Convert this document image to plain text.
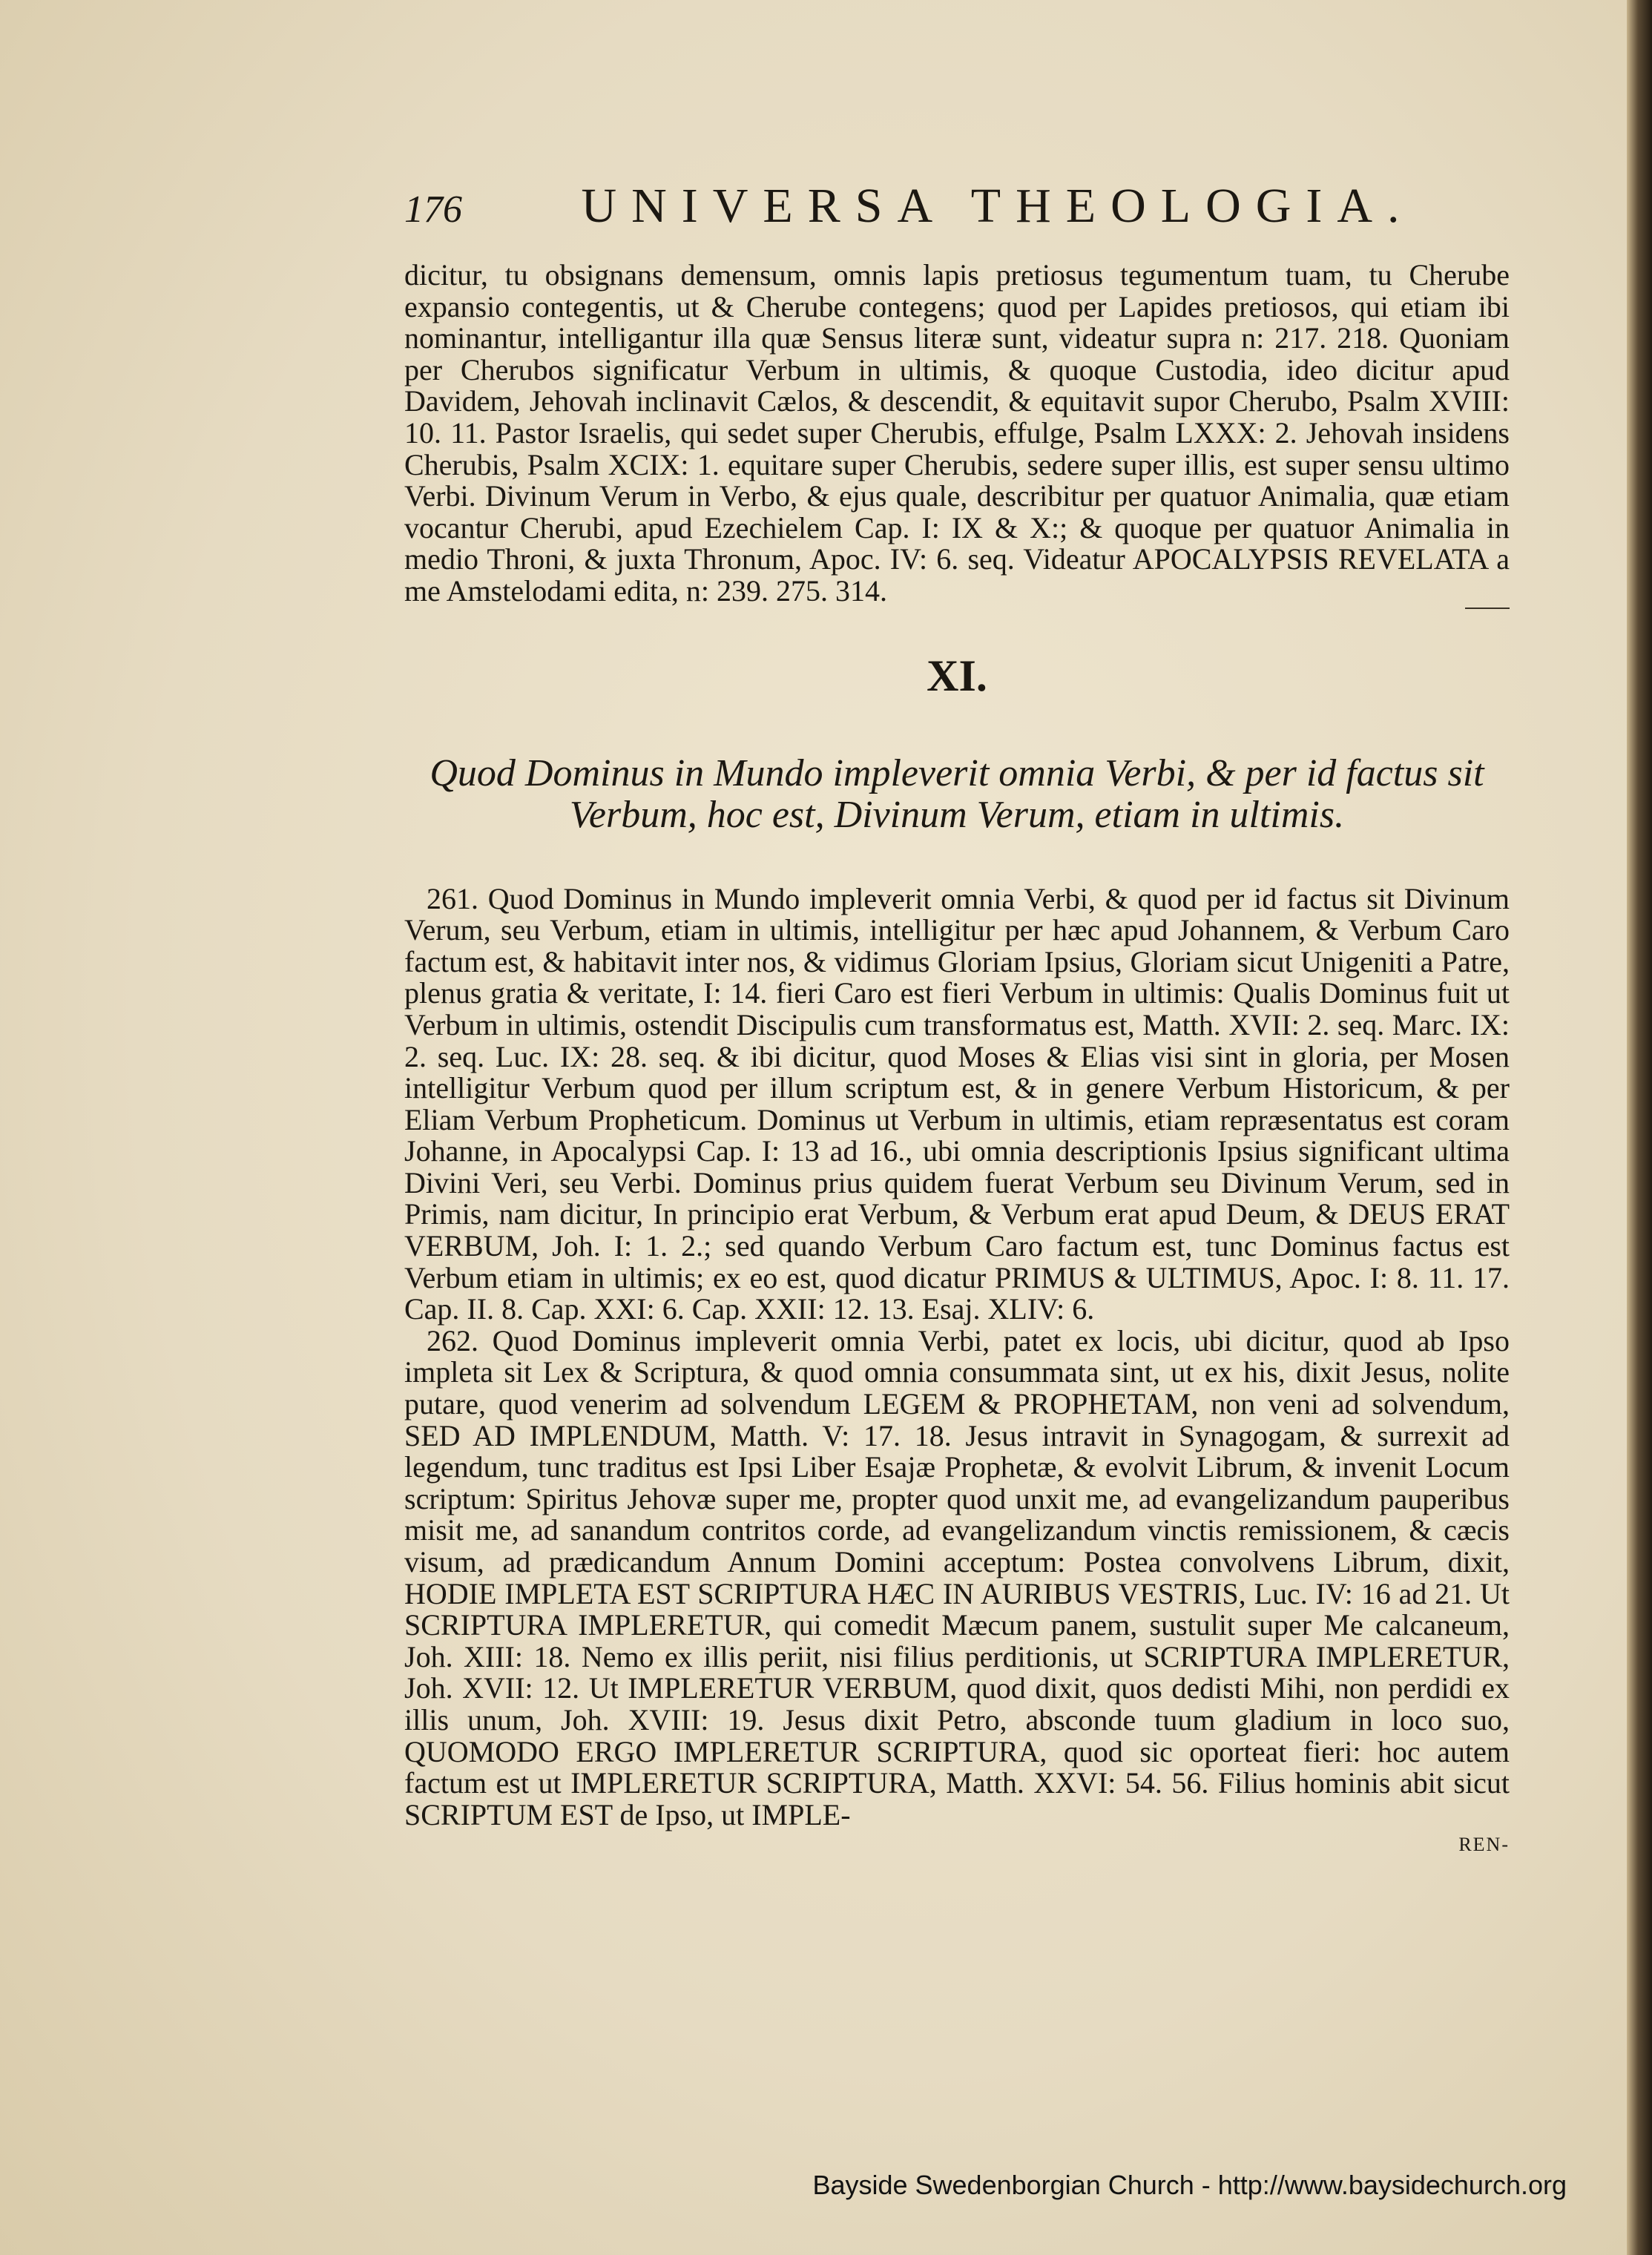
176	UNIVERSA THEOLOGIA.

dicitur, tu obsignans demensum, omnis lapis pretiosus tegumentum tuam, tu Cherube expansio contegentis, ut & Cherube contegens; quod per Lapides pretiosos, qui etiam ibi nominantur, intelligantur illa quæ Sensus literæ sunt, videatur supra n: 217. 218. Quoniam per Cherubos significatur Verbum in ultimis, & quoque Custodia, ideo dicitur apud Davidem, Jehovah inclinavit Cælos, & descendit, & equitavit supor Cherubo, Psalm XVIII: 10. 11. Pastor Israelis, qui sedet super Cherubis, effulge, Psalm LXXX: 2. Jehovah insidens Cherubis, Psalm XCIX: 1. equitare super Cherubis, sedere super illis, est super sensu ultimo Verbi. Divinum Verum in Verbo, & ejus quale, describitur per quatuor Animalia, quæ etiam vocantur Cherubi, apud Ezechielem Cap. I: IX & X:; & quoque per quatuor Animalia in medio Throni, & juxta Thronum, Apoc. IV: 6. seq. Videatur APOCALYPSIS REVELATA a me Amstelodami edita, n: 239. 275. 314.

XI.

Quod Dominus in Mundo impleverit omnia Verbi, & per id factus sit Verbum, hoc est, Divinum Verum, etiam in ultimis.

261. Quod Dominus in Mundo impleverit omnia Verbi, & quod per id factus sit Divinum Verum, seu Verbum, etiam in ultimis, intelligitur per hæc apud Johannem, & Verbum Caro factum est, & habitavit inter nos, & vidimus Gloriam Ipsius, Gloriam sicut Unigeniti a Patre, plenus gratia & veritate, I: 14. fieri Caro est fieri Verbum in ultimis: Qualis Dominus fuit ut Verbum in ultimis, ostendit Discipulis cum transformatus est, Matth. XVII: 2. seq. Marc. IX: 2. seq. Luc. IX: 28. seq. & ibi dicitur, quod Moses & Elias visi sint in gloria, per Mosen intelligitur Verbum quod per illum scriptum est, & in genere Verbum Historicum, & per Eliam Verbum Propheticum. Dominus ut Verbum in ultimis, etiam repræsentatus est coram Johanne, in Apocalypsi Cap. I: 13 ad 16., ubi omnia descriptionis Ipsius significant ultima Divini Veri, seu Verbi. Dominus prius quidem fuerat Verbum seu Divinum Verum, sed in Primis, nam dicitur, In principio erat Verbum, & Verbum erat apud Deum, & DEUS ERAT VERBUM, Joh. I: 1. 2.; sed quando Verbum Caro factum est, tunc Dominus factus est Verbum etiam in ultimis; ex eo est, quod dicatur PRIMUS & ULTIMUS, Apoc. I: 8. 11. 17. Cap. II. 8. Cap. XXI: 6. Cap. XXII: 12. 13. Esaj. XLIV: 6.

262. Quod Dominus impleverit omnia Verbi, patet ex locis, ubi dicitur, quod ab Ipso impleta sit Lex & Scriptura, & quod omnia consummata sint, ut ex his, dixit Jesus, nolite putare, quod venerim ad solvendum LEGEM & PROPHETAM, non veni ad solvendum, SED AD IMPLENDUM, Matth. V: 17. 18. Jesus intravit in Synagogam, & surrexit ad legendum, tunc traditus est Ipsi Liber Esajæ Prophetæ, & evolvit Librum, & invenit Locum scriptum: Spiritus Jehovæ super me, propter quod unxit me, ad evangelizandum pauperibus misit me, ad sanandum contritos corde, ad evangelizandum vinctis remissionem, & cæcis visum, ad prædicandum Annum Domini acceptum: Postea convolvens Librum, dixit, HODIE IMPLETA EST SCRIPTURA HÆC IN AURIBUS VESTRIS, Luc. IV: 16 ad 21. Ut SCRIPTURA IMPLERETUR, qui comedit Mæcum panem, sustulit super Me calcaneum, Joh. XIII: 18. Nemo ex illis periit, nisi filius perditionis, ut SCRIPTURA IMPLERETUR, Joh. XVII: 12. Ut IMPLERETUR VERBUM, quod dixit, quos dedisti Mihi, non perdidi ex illis unum, Joh. XVIII: 19. Jesus dixit Petro, absconde tuum gladium in loco suo, QUOMODO ERGO IMPLERETUR SCRIPTURA, quod sic oporteat fieri: hoc autem factum est ut IMPLERETUR SCRIPTURA, Matth. XXVI: 54. 56. Filius hominis abit sicut SCRIPTUM EST de Ipso, ut IMPLE-

REN-
Bayside Swedenborgian Church - http://www.baysidechurch.org
